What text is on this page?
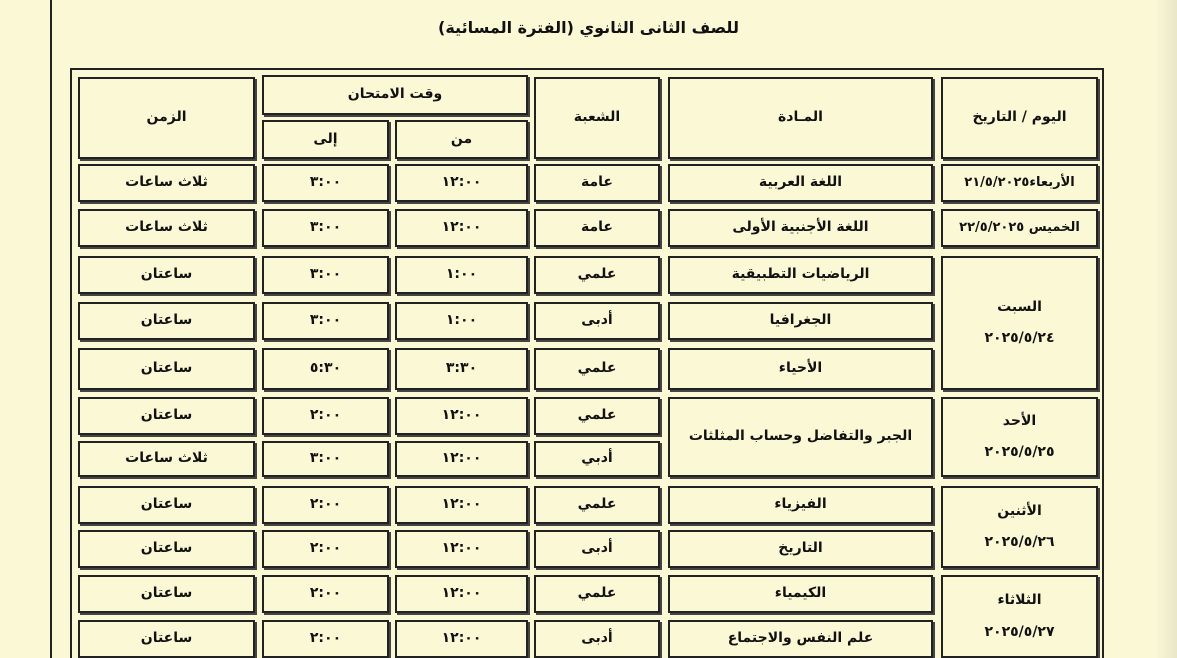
للصف الثانى الثانوي (الفترة المسائية)
اليوم / التاريخ
المـادة
الشعبة
وقت الامتحان
من
إلى
الزمن
الأربعاء٢١/٥/٢٠٢٥
الخميس ٢٢/٥/٢٠٢٥
السبت
٢٠٢٥/٥/٢٤
الأحد
٢٠٢٥/٥/٢٥
الأثنين
٢٠٢٥/٥/٢٦
الثلاثاء
٢٠٢٥/٥/٢٧
اللغة العربية
اللغة الأجنبية الأولى
الرياضيات التطبيقية
الجغرافيا
الأحياء
الجبر والتفاضل وحساب المثلثات
الفيزياء
التاريخ
الكيمياء
علم النفس والاجتماع
عامة
١٢:٠٠
٣:٠٠
ثلاث ساعات
عامة
١٢:٠٠
٣:٠٠
ثلاث ساعات
علمي
١:٠٠
٣:٠٠
ساعتان
أدبى
١:٠٠
٣:٠٠
ساعتان
علمي
٣:٣٠
٥:٣٠
ساعتان
علمي
١٢:٠٠
٢:٠٠
ساعتان
أدبي
١٢:٠٠
٣:٠٠
ثلاث ساعات
علمي
١٢:٠٠
٢:٠٠
ساعتان
أدبى
١٢:٠٠
٢:٠٠
ساعتان
علمي
١٢:٠٠
٢:٠٠
ساعتان
أدبى
١٢:٠٠
٢:٠٠
ساعتان
